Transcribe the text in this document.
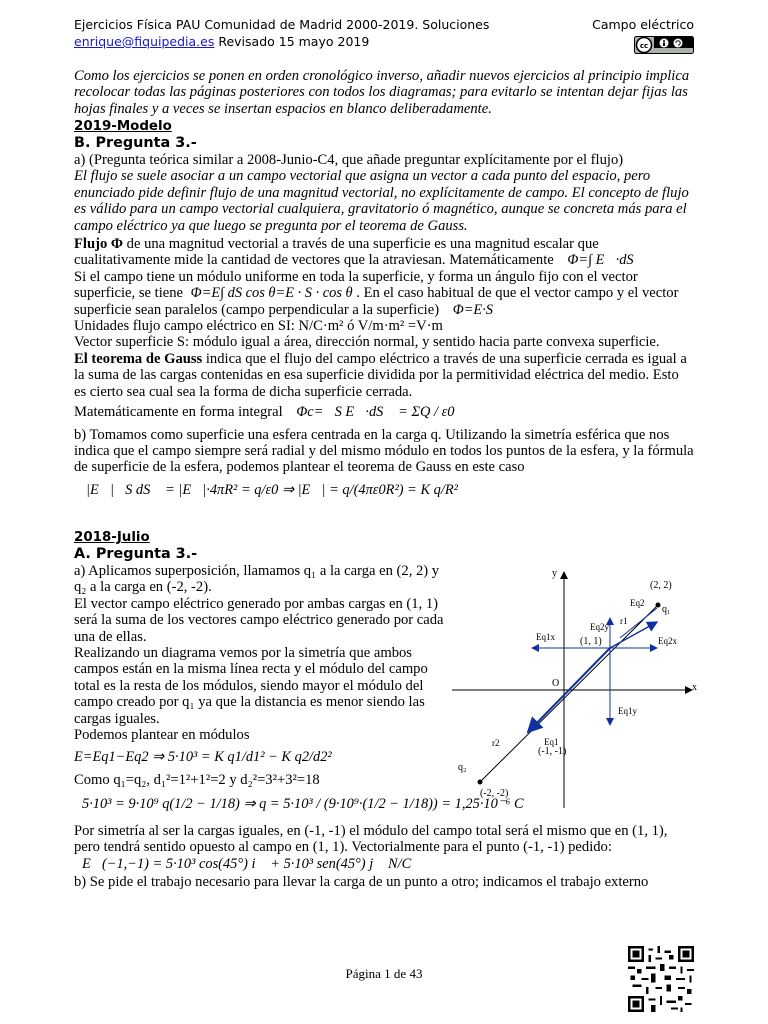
Ejercicios Física PAU Comunidad de Madrid 2000-2019. Soluciones	Campo eléctrico
enrique@fiquipedia.es Revisado 15 mayo 2019	cc

Como los ejercicios se ponen en orden cronológico inverso, añadir nuevos ejercicios al principio implica recolocar todas las páginas posteriores con todos los diagramas; para evitarlo se intentan dejar fijas las hojas finales y a veces se insertan espacios en blanco deliberadamente.

2019-Modelo

B. Pregunta 3.-

a) (Pregunta teórica similar a 2008-Junio-C4, que añade preguntar explícitamente por el flujo)

El flujo se suele asociar a un campo vectorial que asigna un vector a cada punto del espacio, pero enunciado pide definir flujo de una magnitud vectorial, no explícitamente de campo. El concepto de flujo es válido para un campo vectorial cualquiera, gravitatorio ó magnético, aunque se concreta más para el campo eléctrico ya que luego se pregunta por el teorema de Gauss.

Flujo Φ de una magnitud vectorial a través de una superficie es una magnitud escalar que cualitativamente mide la cantidad de vectores que la atraviesan. Matemáticamente Φ=∫ E⃗·dS⃗

Si el campo tiene un módulo uniforme en toda la superficie, y forma un ángulo fijo con el vector superficie, se tiene Φ=E∫ dS cos θ=E · S · cos θ . En el caso habitual de que el vector campo y el vector superficie sean paralelos (campo perpendicular a la superficie) Φ=E·S

Unidades flujo campo eléctrico en SI: N/C·m² ó V/m·m² =V·m

Vector superficie S: módulo igual a área, dirección normal, y sentido hacia parte convexa superficie.

El teorema de Gauss indica que el flujo del campo eléctrico a través de una superficie cerrada es igual a la suma de las cargas contenidas en esa superficie dividida por la permitividad eléctrica del medio. Esto es cierto sea cual sea la forma de dicha superficie cerrada.

Matemáticamente en forma integral Φc=∮S E⃗·dS⃗ = ΣQ / ε0

b) Tomamos como superficie una esfera centrada en la carga q. Utilizando la simetría esférica que nos indica que el campo siempre será radial y del mismo módulo en todos los puntos de la esfera, y la fórmula de superficie de la esfera, podemos plantear el teorema de Gauss en este caso

|E⃗|∮S dS⃗ = |E⃗|·4πR² = q/ε0 ⇒ |E⃗| = q/(4πε0R²) = K q/R²

2018-Julio

A. Pregunta 3.-

a) Aplicamos superposición, llamamos q₁ a la carga en (2, 2) y q₂ a la carga en (-2, -2).

El vector campo eléctrico generado por ambas cargas en (1, 1) será la suma de los vectores campo eléctrico generado por cada una de ellas.

Realizando un diagrama vemos por la simetría que ambos campos están en la misma línea recta y el módulo del campo total es la resta de los módulos, siendo mayor el módulo del campo creado por q₁ ya que la distancia es menor siendo las cargas iguales.

Podemos plantear en módulos

E=Eq1−Eq2 ⇒ 5·10³ = K q1/d1² − K q2/d2²

Como q₁=q₂, d₁²=1²+1²=2 y d₂²=3²+3²=18

5·10³ = 9·10⁹ q(1/2 − 1/18) ⇒ q = 5·10³ / (9·10⁹·(1/2 − 1/18)) = 1,25·10⁻⁶ C

Por simetría al ser la cargas iguales, en (-1, -1) el módulo del campo total será el mismo que en (1, 1), pero tendrá sentido opuesto al campo en (1, 1). Vectorialmente para el punto (-1, -1) pedido:

E⃗(−1,−1) = 5·10³ cos(45°) i⃗ + 5·10³ sen(45°) j⃗ N/C

b) Se pide el trabajo necesario para llevar la carga de un punto a otro; indicamos el trabajo externo

x
y
O
(2, 2)
q₁
q₂
(-2, -2)
Eq2
Eq2y
Eq1x	Eq2x
(1, 1)
Eq1y
r1
Eq1
r2
(-1, -1)
Página 1 de 43
